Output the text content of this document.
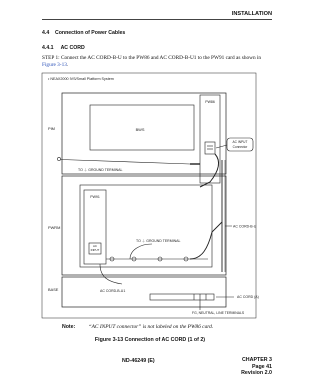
INSTALLATION
4.4 Connection of Power Cables
4.4.1 AC CORD
STEP 1: Connect the AC CORD-B-U to the PW86 and AC CORD-B-U1 to the PW91 card as shown in Figure 3-13.
• NEAX2000 IVS/Small Platform System
PIM	BWS
PW86
AC INPUT
Connector
TO ⏚ GROUND TERMINAL
PWRM
PW91
AC
INPUT
TO ⏚ GROUND TERMINAL
AC CORD-B-U
BASE	AC CORD-B-U1
FG, NEUTRAL, LINE TERMINALS
AC CORD (A)
Note: “AC INPUT connector” is not labeled on the PW86 card.
Figure 3-13 Connection of AC CORD (1 of 2)
ND-46249 (E)	CHAPTER 3
Page 41
Revision 2.0
